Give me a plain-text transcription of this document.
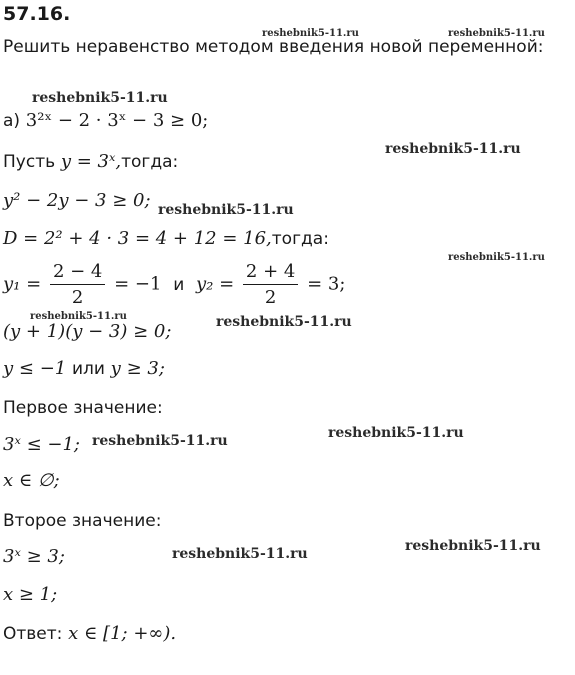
57.16.
reshebnik5-11.ru	reshebnik5-11.ru
Решить неравенство методом введения новой переменной:
reshebnik5-11.ru
а) 3²ˣ − 2 · 3ˣ − 3 ≥ 0;
reshebnik5-11.ru
Пусть y = 3ˣ,тогда:
y² − 2y − 3 ≥ 0; reshebnik5-11.ru
D = 2² + 4 · 3 = 4 + 12 = 16,тогда:
reshebnik5-11.ru
$y_1 = \frac{2 - 4}{2} = -1$ и $y_2 = \frac{2 + 4}{2} = 3$;
reshebnik5-11.ru
(y + 1)(y − 3) ≥ 0;	reshebnik5-11.ru
y ≤ −1 или y ≥ 3;
Первое значение:
3ˣ ≤ −1; reshebnik5-11.ru	reshebnik5-11.ru
x ∈ ∅;
Второе значение:
3ˣ ≥ 3;	reshebnik5-11.ru	reshebnik5-11.ru
x ≥ 1;
Ответ: x ∈ [1; +∞).
